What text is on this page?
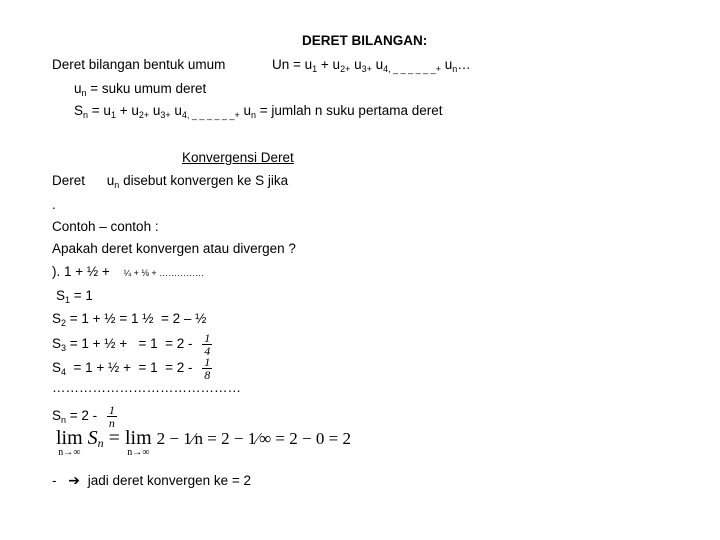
DERET BILANGAN:
Deret bilangan bentuk umum	$Un = u_1 + u_{2+}$ $u_{3+}$ $u_{4, \_ \_ \_ \_ \_ \_+}$ $u_n\dots$
$u_n$ = suku umum deret
$S_n = u_1 + u_{2+}$ $u_{3+}$ $u_{4, \_ \_ \_ \_ \_ \_+}$ $u_n$ = jumlah n suku pertama deret
Konvergensi Deret
Deret $u_n$ disebut konvergen ke S jika
.
Contoh – contoh :
Apakah deret konvergen atau divergen ?
). 1 + ½ + ¼ + ⅛ + ……………
$S_1 = 1$
$S_2 = 1$ + ½ = 1 ½  = 2 – ½
$S_3 = 1$ + ½ +   = $1 = 2 - \frac{1}{4}$
$S_4 = 1$ + ½ +  = $1 = 2 - \frac{1}{8}$
……………………………………
$S_n = 2 - \frac{1}{n}$
lim
n→∞
$S_n = \lim$
n→∞
2 − 1⁄n = 2 − 1⁄∞ = 2 − 0 = 2
- ➔ jadi deret konvergen ke = 2
